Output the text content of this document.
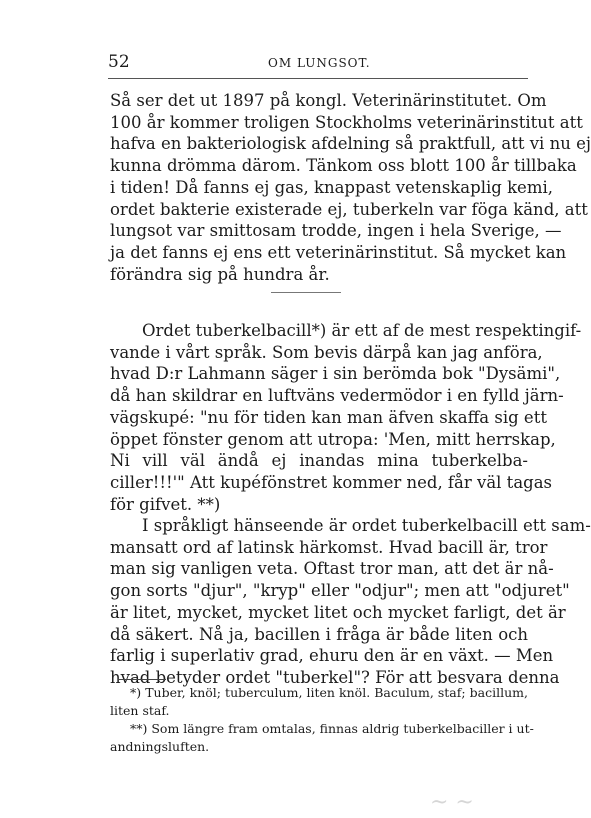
52	OM LUNGSOT.
Så ser det ut 1897 på kongl. Veterinärinstitutet. Om
100 år kommer troligen Stockholms veterinärinstitut att
hafva en bakteriologisk afdelning så praktfull, att vi nu ej
kunna drömma därom. Tänkom oss blott 100 år tillbaka
i tiden! Då fanns ej gas, knappast vetenskaplig kemi,
ordet bakterie existerade ej, tuberkeln var föga känd, att
lungsot var smittosam trodde, ingen i hela Sverige, —
ja det fanns ej ens ett veterinärinstitut. Så mycket kan
förändra sig på hundra år.
Ordet tuberkelbacill*) är ett af de mest respektingif-
vande i vårt språk. Som bevis därpå kan jag anföra,
hvad D:r Lahmann säger i sin berömda bok "Dysämi",
då han skildrar en luftväns vedermödor i en fylld järn-
vägskupé: "nu för tiden kan man äfven skaffa sig ett
öppet fönster genom att utropa: 'Men, mitt herrskap,
Ni vill väl ändå ej inandas mina tuberkelba-
ciller!!!'" Att kupéfönstret kommer ned, får väl tagas
för gifvet. **)
I språkligt hänseende är ordet tuberkelbacill ett sam-
mansatt ord af latinsk härkomst. Hvad bacill är, tror
man sig vanligen veta. Oftast tror man, att det är nå-
gon sorts "djur", "kryp" eller "odjur"; men att "odjuret"
är litet, mycket, mycket litet och mycket farligt, det är
då säkert. Nå ja, bacillen i fråga är både liten och
farlig i superlativ grad, ehuru den är en växt. — Men
hvad betyder ordet "tuberkel"? För att besvara denna
*) Tuber, knöl; tuberculum, liten knöl. Baculum, staf; bacillum,
liten staf.
**) Som längre fram omtalas, finnas aldrig tuberkelbaciller i ut-
andningsluften.
~ ~
